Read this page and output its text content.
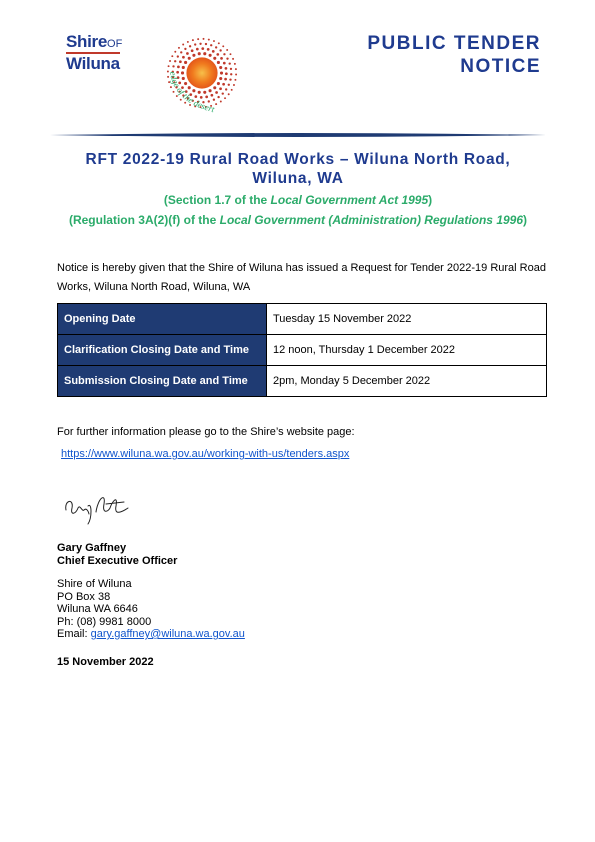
ShireOF
Wiluna
edge of the desert
PUBLIC TENDER
NOTICE
RFT 2022-19 Rural Road Works – Wiluna North Road, Wiluna, WA
(Section 1.7 of the Local Government Act 1995)
(Regulation 3A(2)(f) of the Local Government (Administration) Regulations 1996)
Notice is hereby given that the Shire of Wiluna has issued a Request for Tender 2022-19 Rural Road Works, Wiluna North Road, Wiluna, WA
Opening Date	Tuesday 15 November 2022
Clarification Closing Date and Time	12 noon, Thursday 1 December 2022
Submission Closing Date and Time	2pm, Monday 5 December 2022
For further information please go to the Shire’s website page:
https://www.wiluna.wa.gov.au/working-with-us/tenders.aspx
Gary Gaffney
Chief Executive Officer
Shire of Wiluna
PO Box 38
Wiluna WA 6646
Ph: (08) 9981 8000
Email: gary.gaffney@wiluna.wa.gov.au
15 November 2022
